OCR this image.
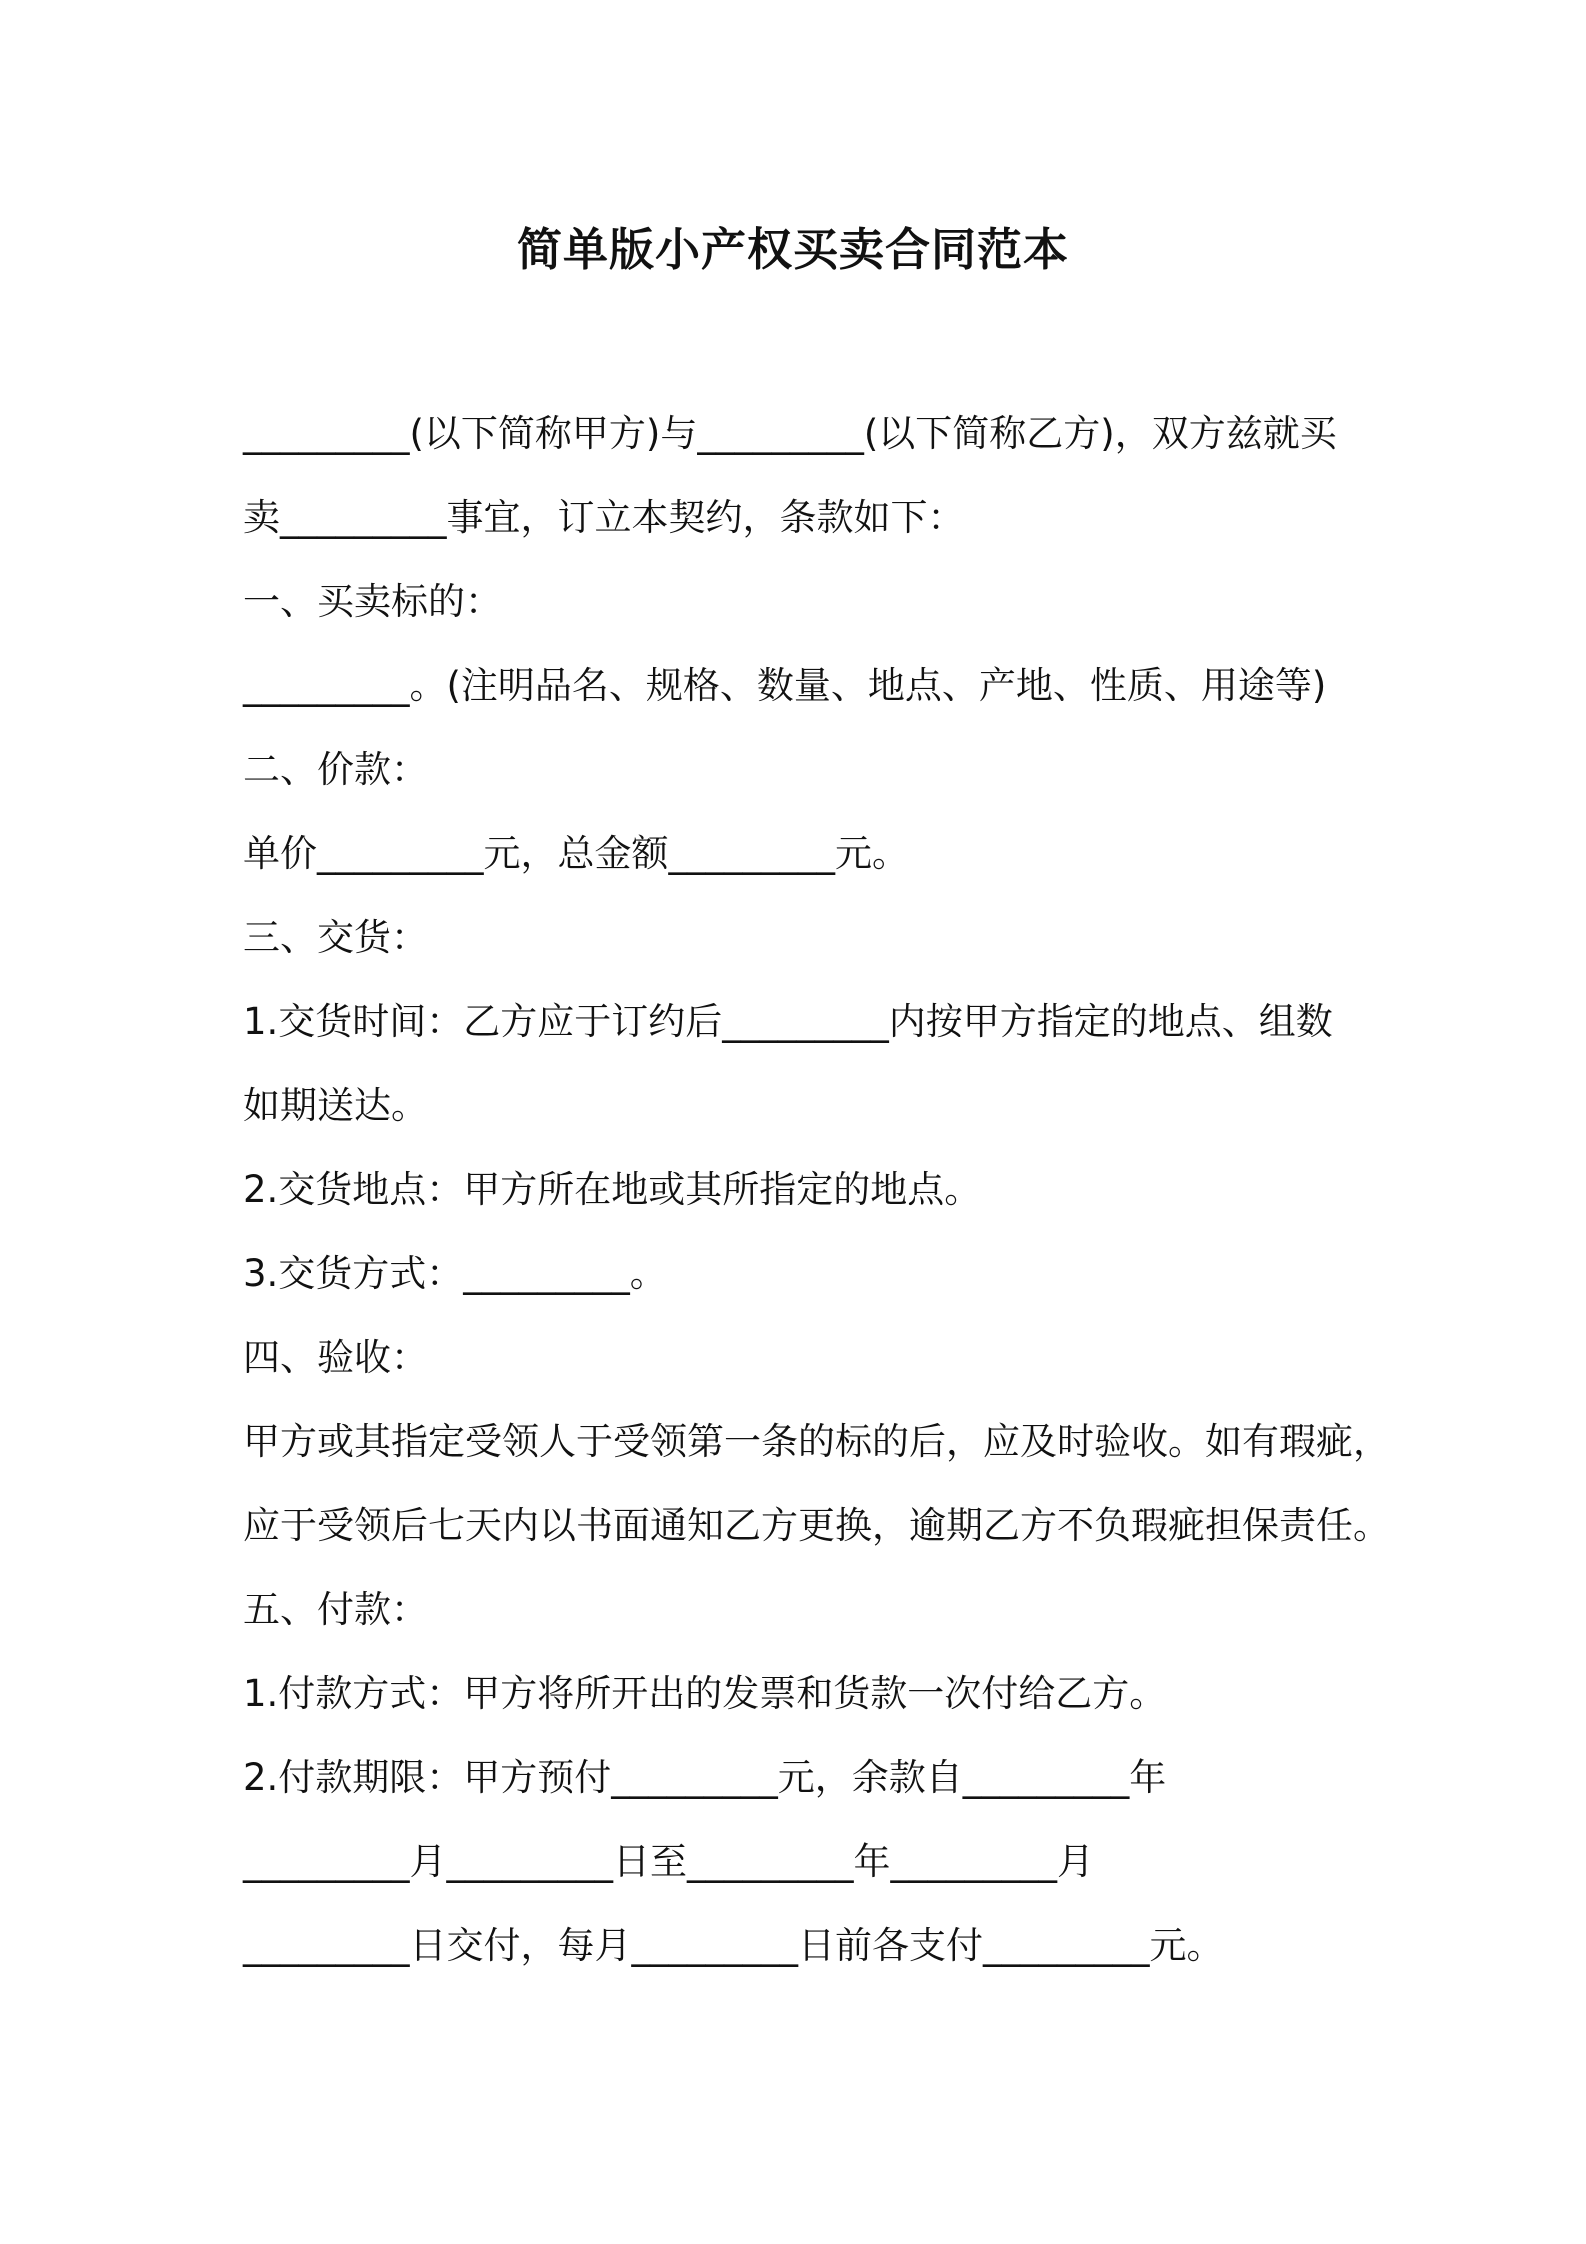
简单版小产权买卖合同范本

_________(以下简称甲方)与_________(以下简称乙方)，双方兹就买

卖_________事宜，订立本契约，条款如下：

一、买卖标的：

_________。(注明品名、规格、数量、地点、产地、性质、用途等)

二、价款：

单价_________元，总金额_________元。

三、交货：

1.交货时间：乙方应于订约后_________内按甲方指定的地点、组数

如期送达。

2.交货地点：甲方所在地或其所指定的地点。

3.交货方式：_________。

四、验收：

甲方或其指定受领人于受领第一条的标的后，应及时验收。如有瑕疵，

应于受领后七天内以书面通知乙方更换，逾期乙方不负瑕疵担保责任。

五、付款：

1.付款方式：甲方将所开出的发票和货款一次付给乙方。

2.付款期限：甲方预付_________元，余款自_________年

_________月_________日至_________年_________月

_________日交付，每月_________日前各支付_________元。
